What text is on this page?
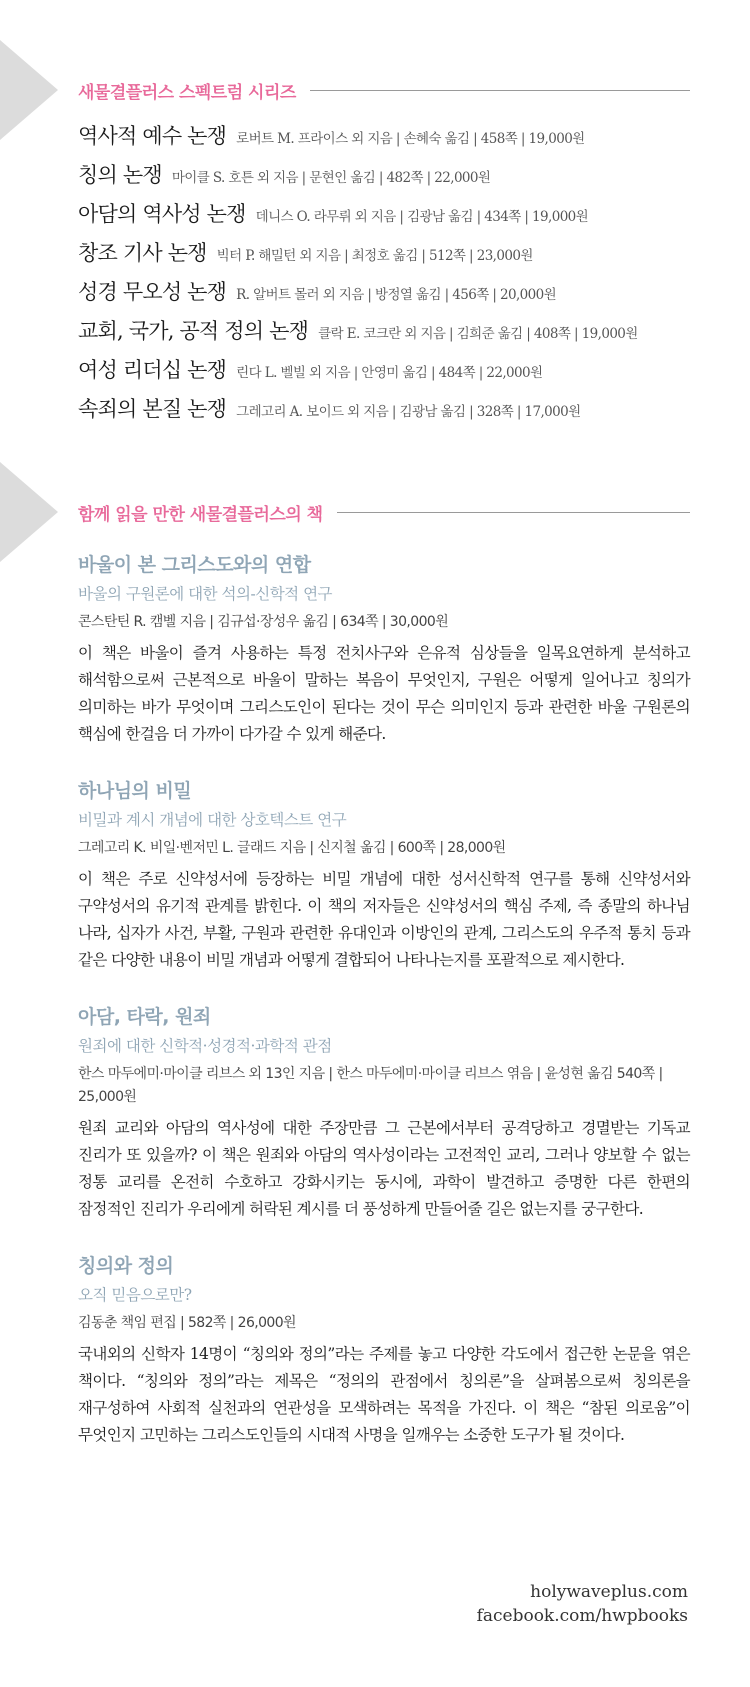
새물결플러스 스펙트럼 시리즈
역사적 예수 논쟁 로버트 M. 프라이스 외 지음 | 손혜숙 옮김 | 458쪽 | 19,000원
칭의 논쟁 마이클 S. 호튼 외 지음 | 문현인 옮김 | 482쪽 | 22,000원
아담의 역사성 논쟁 데니스 O. 라무뤼 외 지음 | 김광남 옮김 | 434쪽 | 19,000원
창조 기사 논쟁 빅터 P. 해밀턴 외 지음 | 최정호 옮김 | 512쪽 | 23,000원
성경 무오성 논쟁 R. 알버트 몰러 외 지음 | 방정열 옮김 | 456쪽 | 20,000원
교회, 국가, 공적 정의 논쟁 클락 E. 코크란 외 지음 | 김희준 옮김 | 408쪽 | 19,000원
여성 리더십 논쟁 린다 L. 벨빌 외 지음 | 안영미 옮김 | 484쪽 | 22,000원
속죄의 본질 논쟁 그레고리 A. 보이드 외 지음 | 김광남 옮김 | 328쪽 | 17,000원
함께 읽을 만한 새물결플러스의 책
바울이 본 그리스도와의 연합
바울의 구원론에 대한 석의-신학적 연구
콘스탄틴 R. 캠벨 지음 | 김규섭·장성우 옮김 | 634쪽 | 30,000원
이 책은 바울이 즐겨 사용하는 특정 전치사구와 은유적 심상들을 일목요연하게 분석하고 해석함으로써 근본적으로 바울이 말하는 복음이 무엇인지, 구원은 어떻게 일어나고 칭의가 의미하는 바가 무엇이며 그리스도인이 된다는 것이 무슨 의미인지 등과 관련한 바울 구원론의 핵심에 한걸음 더 가까이 다가갈 수 있게 해준다.
하나님의 비밀
비밀과 계시 개념에 대한 상호텍스트 연구
그레고리 K. 비일·벤저민 L. 글래드 지음 | 신지철 옮김 | 600쪽 | 28,000원
이 책은 주로 신약성서에 등장하는 비밀 개념에 대한 성서신학적 연구를 통해 신약성서와 구약성서의 유기적 관계를 밝힌다. 이 책의 저자들은 신약성서의 핵심 주제, 즉 종말의 하나님 나라, 십자가 사건, 부활, 구원과 관련한 유대인과 이방인의 관계, 그리스도의 우주적 통치 등과 같은 다양한 내용이 비밀 개념과 어떻게 결합되어 나타나는지를 포괄적으로 제시한다.
아담, 타락, 원죄
원죄에 대한 신학적·성경적·과학적 관점
한스 마두에미·마이클 리브스 외 13인 지음 | 한스 마두에미·마이클 리브스 엮음 | 윤성현 옮김 540쪽 | 25,000원
원죄 교리와 아담의 역사성에 대한 주장만큼 그 근본에서부터 공격당하고 경멸받는 기독교 진리가 또 있을까? 이 책은 원죄와 아담의 역사성이라는 고전적인 교리, 그러나 양보할 수 없는 정통 교리를 온전히 수호하고 강화시키는 동시에, 과학이 발견하고 증명한 다른 한편의 잠정적인 진리가 우리에게 허락된 계시를 더 풍성하게 만들어줄 길은 없는지를 궁구한다.
칭의와 정의
오직 믿음으로만?
김동춘 책임 편집 | 582쪽 | 26,000원
국내외의 신학자 14명이 “칭의와 정의”라는 주제를 놓고 다양한 각도에서 접근한 논문을 엮은 책이다. “칭의와 정의”라는 제목은 “정의의 관점에서 칭의론”을 살펴봄으로써 칭의론을 재구성하여 사회적 실천과의 연관성을 모색하려는 목적을 가진다. 이 책은 “참된 의로움”이 무엇인지 고민하는 그리스도인들의 시대적 사명을 일깨우는 소중한 도구가 될 것이다.
holywaveplus.com
facebook.com/hwpbooks
